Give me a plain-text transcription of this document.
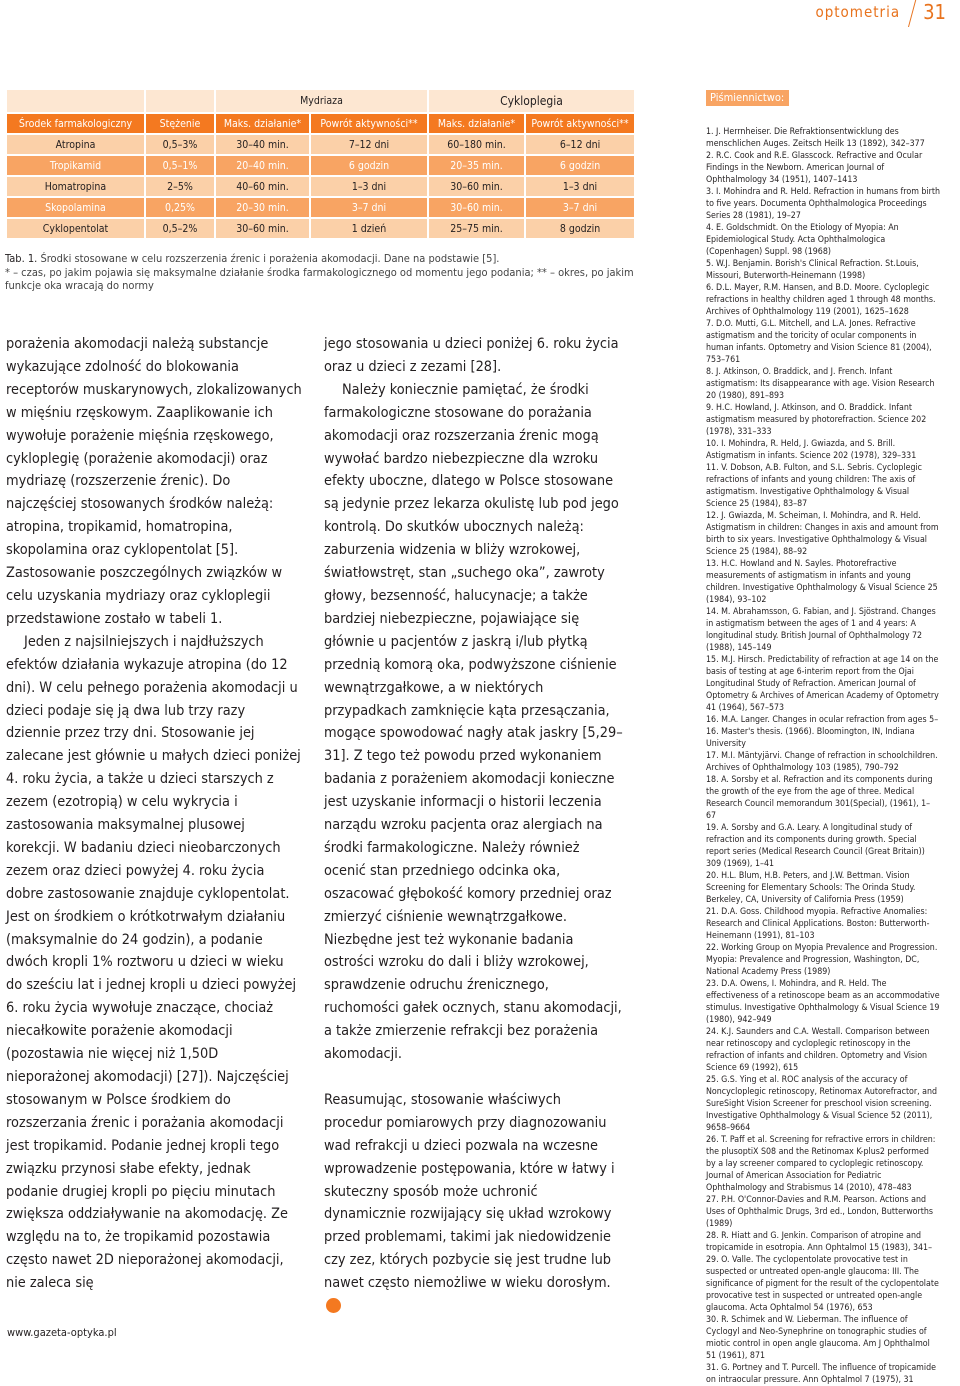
optometria 31
		Mydriaza		Cykloplegia	
Środek farmakologiczny	Stężenie	Maks. działanie*	Powrót aktywności**	Maks. działanie*	Powrót aktywności**
Atropina	0,5–3%	30–40 min.	7–12 dni	60–180 min.	6–12 dni
Tropikamid	0,5–1%	20–40 min.	6 godzin	20–35 min.	6 godzin
Homatropina	2–5%	40–60 min.	1–3 dni	30–60 min.	1–3 dni
Skopolamina	0,25%	20–30 min.	3–7 dni	30–60 min.	3–7 dni
Cyklopentolat	0,5–2%	30–60 min.	1 dzień	25–75 min.	8 godzin
Tab. 1. Środki stosowane w celu rozszerzenia źrenic i porażenia akomodacji. Dane na podstawie [5].
* – czas, po jakim pojawia się maksymalne działanie środka farmakologicznego od momentu jego podania; ** – okres, po jakim funkcje oka wracają do normy

porażenia akomodacji należą substancje wykazujące zdolność do blokowania receptorów muskarynowych, zlokalizowanych w mięśniu rzęskowym. Zaaplikowanie ich wywołuje porażenie mięśnia rzęskowego, cykloplegię (porażenie akomodacji) oraz mydriazę (rozszerzenie źrenic). Do najczęściej stosowanych środków należą: atropina, tropikamid, homatropina, skopolamina oraz cyklopentolat [5]. Zastosowanie poszczególnych związków w celu uzyskania mydriazy oraz cykloplegii przedstawione zostało w tabeli 1.

Jeden z najsilniejszych i najdłuższych efektów działania wykazuje atropina (do 12 dni). W celu pełnego porażenia akomodacji u dzieci podaje się ją dwa lub trzy razy dziennie przez trzy dni. Stosowanie jej zalecane jest głównie u małych dzieci poniżej 4. roku życia, a także u dzieci starszych z zezem (ezotropią) w celu wykrycia i zastosowania maksymalnej plusowej korekcji. W badaniu dzieci nieobarczonych zezem oraz dzieci powyżej 4. roku życia dobre zastosowanie znajduje cyklopentolat. Jest on środkiem o krótkotrwałym działaniu (maksymalnie do 24 godzin), a podanie dwóch kropli 1% roztworu u dzieci w wieku do sześciu lat i jednej kropli u dzieci powyżej 6. roku życia wywołuje znaczące, chociaż niecałkowite porażenie akomodacji (pozostawia nie więcej niż 1,50D nieporażonej akomodacji) [27]). Najczęściej stosowanym w Polsce środkiem do rozszerzania źrenic i porażania akomodacji jest tropikamid. Podanie jednej kropli tego związku przynosi słabe efekty, jednak podanie drugiej kropli po pięciu minutach zwiększa oddziaływanie na akomodację. Ze względu na to, że tropikamid pozostawia często nawet 2D nieporażonej akomodacji, nie zaleca się

jego stosowania u dzieci poniżej 6. roku życia oraz u dzieci z zezami [28].

Należy koniecznie pamiętać, że środki farmakologiczne stosowane do porażania akomodacji oraz rozszerzania źrenic mogą wywołać bardzo niebezpieczne dla wzroku efekty uboczne, dlatego w Polsce stosowane są jedynie przez lekarza okulistę lub pod jego kontrolą. Do skutków ubocznych należą: zaburzenia widzenia w bliży wzrokowej, światłowstręt, stan „suchego oka”, zawroty głowy, bezsenność, halucynacje; a także bardziej niebezpieczne, pojawiające się głównie u pacjentów z jaskrą i/lub płytką przednią komorą oka, podwyższone ciśnienie wewnątrzgałkowe, a w niektórych przypadkach zamknięcie kąta przesączania, mogące spowodować nagły atak jaskry [5,29–31]. Z tego też powodu przed wykonaniem badania z porażeniem akomodacji konieczne jest uzyskanie informacji o historii leczenia narządu wzroku pacjenta oraz alergiach na środki farmakologiczne. Należy również ocenić stan przedniego odcinka oka, oszacować głębokość komory przedniej oraz zmierzyć ciśnienie wewnątrzgałkowe. Niezbędne jest też wykonanie badania ostrości wzroku do dali i bliży wzrokowej, sprawdzenie odruchu źrenicznego, ruchomości gałek ocznych, stanu akomodacji, a także zmierzenie refrakcji bez porażenia akomodacji.

Reasumując, stosowanie właściwych procedur pomiarowych przy diagnozowaniu wad refrakcji u dzieci pozwala na wczesne wprowadzenie postępowania, które w łatwy i skuteczny sposób może uchronić dynamicznie rozwijający się układ wzrokowy przed problemami, takimi jak niedowidzenie czy zez, których pozbycie się jest trudne lub nawet często niemożliwe w wieku dorosłym.

www.gazeta-optyka.pl
Piśmiennictwo:
1. J. Herrnheiser. Die Refraktionsentwicklung des menschlichen Auges. Zeitsch Heilk 13 (1892), 342–377
2. R.C. Cook and R.E. Glasscock. Refractive and Ocular Findings in the Newborn. American Journal of Ophthalmology 34 (1951), 1407–1413
3. I. Mohindra and R. Held. Refraction in humans from birth to five years. Documenta Ophthalmologica Proceedings Series 28 (1981), 19–27
4. E. Goldschmidt. On the Etiology of Myopia: An Epidemiological Study. Acta Ophthalmologica (Copenhagen) Suppl. 98 (1968)
5. W.J. Benjamin. Borish's Clinical Refraction. St.Louis, Missouri, Buterworth-Heinemann (1998)
6. D.L. Mayer, R.M. Hansen, and B.D. Moore. Cycloplegic refractions in healthy children aged 1 through 48 months. Archives of Ophthalmology 119 (2001), 1625–1628
7. D.O. Mutti, G.L. Mitchell, and L.A. Jones. Refractive astigmatism and the toricity of ocular components in human infants. Optometry and Vision Science 81 (2004), 753–761
8. J. Atkinson, O. Braddick, and J. French. Infant astigmatism: Its disappearance with age. Vision Research 20 (1980), 891–893
9. H.C. Howland, J. Atkinson, and O. Braddick. Infant astigmatism measured by photorefraction. Science 202 (1978), 331–333
10. I. Mohindra, R. Held, J. Gwiazda, and S. Brill. Astigmatism in infants. Science 202 (1978), 329–331
11. V. Dobson, A.B. Fulton, and S.L. Sebris. Cycloplegic refractions of infants and young children: The axis of astigmatism. Investigative Ophthalmology & Visual Science 25 (1984), 83–87
12. J. Gwiazda, M. Scheiman, I. Mohindra, and R. Held. Astigmatism in children: Changes in axis and amount from birth to six years. Investigative Ophthalmology & Visual Science 25 (1984), 88–92
13. H.C. Howland and N. Sayles. Photorefractive measurements of astigmatism in infants and young children. Investigative Ophthalmology & Visual Science 25 (1984), 93–102
14. M. Abrahamsson, G. Fabian, and J. Sjöstrand. Changes in astigmatism between the ages of 1 and 4 years: A longitudinal study. British Journal of Ophthalmology 72 (1988), 145–149
15. M.J. Hirsch. Predictability of refraction at age 14 on the basis of testing at age 6-interim report from the Ojai Longitudinal Study of Refraction. American Journal of Optometry & Archives of American Academy of Optometry 41 (1964), 567–573
16. M.A. Langer. Changes in ocular refraction from ages 5–16. Master's thesis. (1966). Bloomington, IN, Indiana University
17. M.I. Mäntyjärvi. Change of refraction in schoolchildren. Archives of Ophthalmology 103 (1985), 790–792
18. A. Sorsby et al. Refraction and its components during the growth of the eye from the age of three. Medical Research Council memorandum 301(Special), (1961), 1–67
19. A. Sorsby and G.A. Leary. A longitudinal study of refraction and its components during growth. Special report series (Medical Research Council (Great Britain)) 309 (1969), 1–41
20. H.L. Blum, H.B. Peters, and J.W. Bettman. Vision Screening for Elementary Schools: The Orinda Study. Berkeley, CA, University of California Press (1959)
21. D.A. Goss. Childhood myopia. Refractive Anomalies: Research and Clinical Applications. Boston: Butterworth-Heinemann (1991), 81–103
22. Working Group on Myopia Prevalence and Progression. Myopia: Prevalence and Progression, Washington, DC, National Academy Press (1989)
23. D.A. Owens, I. Mohindra, and R. Held. The effectiveness of a retinoscope beam as an accommodative stimulus. Investigative Ophthalmology & Visual Science 19 (1980), 942–949
24. K.J. Saunders and C.A. Westall. Comparison between near retinoscopy and cycloplegic retinoscopy in the refraction of infants and children. Optometry and Vision Science 69 (1992), 615
25. G.S. Ying et al. ROC analysis of the accuracy of Noncycloplegic retinoscopy, Retinomax Autorefractor, and SureSight Vision Screener for preschool vision screening. Investigative Ophthalmology & Visual Science 52 (2011), 9658–9664
26. T. Paff et al. Screening for refractive errors in children: the plusoptiX S08 and the Retinomax K-plus2 performed by a lay screener compared to cycloplegic retinoscopy. Journal of American Association for Pediatric Ophthalmology and Strabismus 14 (2010), 478–483
27. P.H. O'Connor-Davies and R.M. Pearson. Actions and Uses of Ophthalmic Drugs, 3rd ed., London, Butterworths (1989)
28. R. Hiatt and G. Jenkin. Comparison of atropine and tropicamide in esotropia. Ann Ophtalmol 15 (1983), 341–29. O. Valle. The cyclopentolate provocative test in suspected or untreated open-angle glaucoma: III. The significance of pigment for the result of the cyclopentolate provocative test in suspected or untreated open-angle glaucoma. Acta Ophtalmol 54 (1976), 653
30. R. Schimek and W. Lieberman. The influence of Cyclogyl and Neo-Synephrine on tonographic studies of miotic control in open angle glaucoma. Am J Ophthalmol 51 (1961), 871
31. G. Portney and T. Purcell. The influence of tropicamide on intraocular pressure. Ann Ophtalmol 7 (1975), 31
